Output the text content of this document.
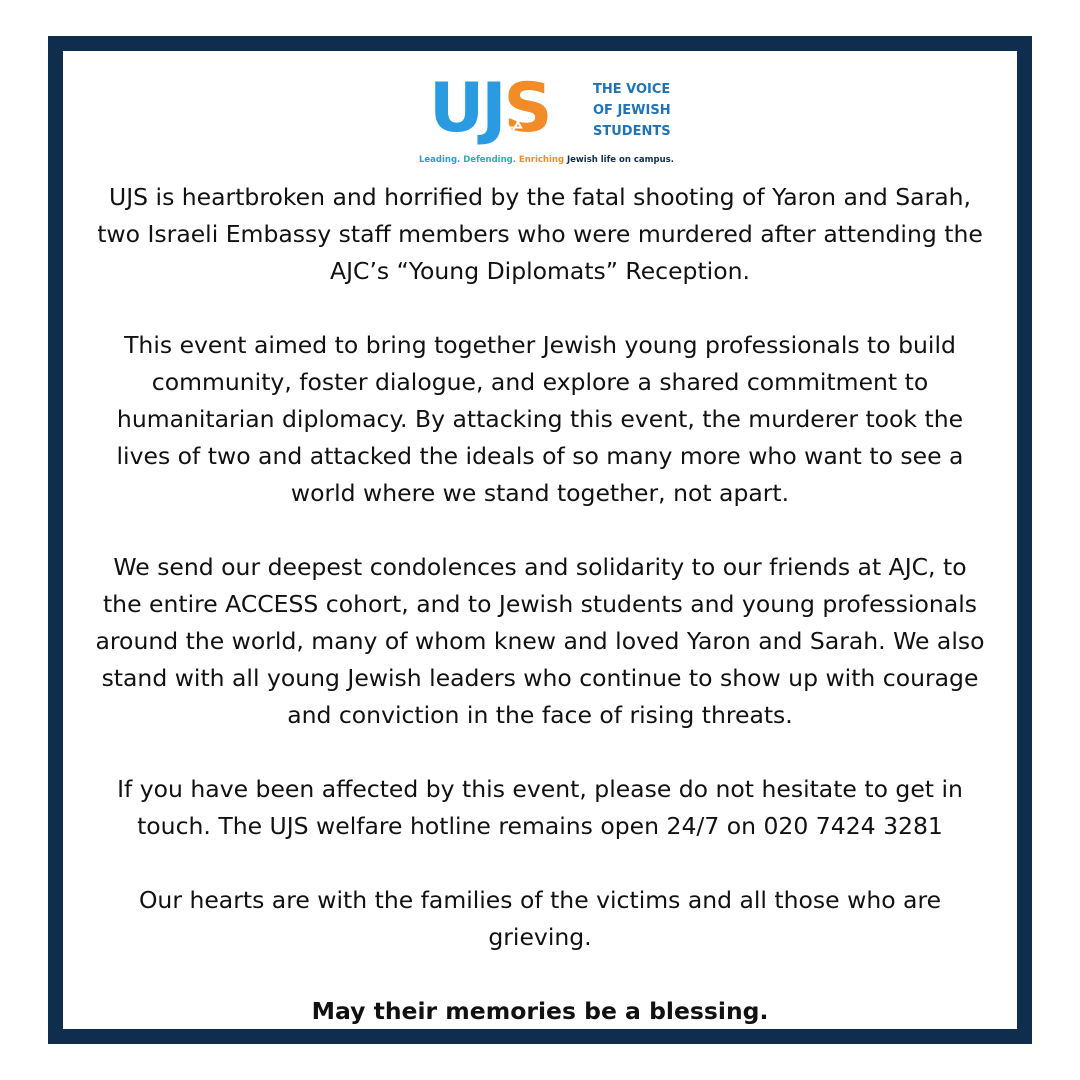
U J S	THE VOICE
OF JEWISH
STUDENTS
Leading. Defending. Enriching Jewish life on campus.

UJS is heartbroken and horrified by the fatal shooting of Yaron and Sarah, two Israeli Embassy staff members who were murdered after attending the AJC’s “Young Diplomats” Reception.

This event aimed to bring together Jewish young professionals to build community, foster dialogue, and explore a shared commitment to humanitarian diplomacy. By attacking this event, the murderer took the lives of two and attacked the ideals of so many more who want to see a world where we stand together, not apart.

We send our deepest condolences and solidarity to our friends at AJC, to the entire ACCESS cohort, and to Jewish students and young professionals around the world, many of whom knew and loved Yaron and Sarah. We also stand with all young Jewish leaders who continue to show up with courage and conviction in the face of rising threats.

If you have been affected by this event, please do not hesitate to get in touch. The UJS welfare hotline remains open 24/7 on 020 7424 3281

Our hearts are with the families of the victims and all those who are grieving.

May their memories be a blessing.
